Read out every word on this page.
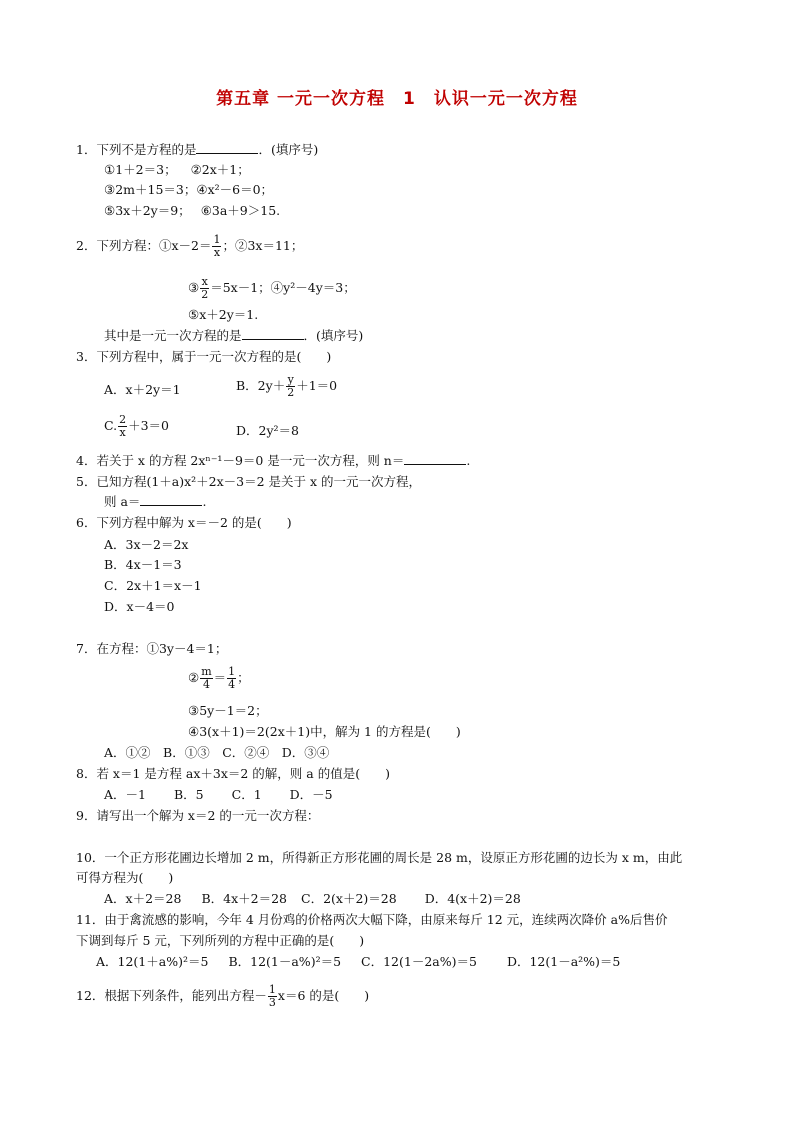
第五章 一元一次方程　1　认识一元一次方程
1．下列不是方程的是	．(填序号)
①1＋2＝3； ②2x＋1；
③2m＋15＝3；④x²－6＝0；
⑤3x＋2y＝9； ⑥3a＋9＞15.
2．下列方程：①x－2＝ $\frac{1}{x}$ ；②3x＝11；
③ $\frac{x}{2} =5x-1$；④y²－4y＝3；
⑤x＋2y＝1.
其中是一元一次方程的是	．(填序号)
3．下列方程中，属于一元一次方程的是(　　)
A．x＋2y＝1	B．$2y+ \frac{y}{2} +1=0$
C. $\frac{2}{x} +3=0$	D．2y²＝8
4．若关于 x 的方程 2xⁿ⁻¹－9＝0 是一元一次方程，则 n＝	.
5．已知方程(1＋a)x²＋2x－3＝2 是关于 x 的一元一次方程，
则 a＝	.
6．下列方程中解为 x＝－2 的是(　　)
A．3x－2＝2x
B．4x－1＝3
C．2x＋1＝x－1
D．x－4＝0
7．在方程：①3y－4＝1；
② $\frac{m}{4} = \frac{1}{4}$ ；
③5y－1＝2；
④3(x＋1)＝2(2x＋1)中，解为 1 的方程是(　　)
A．①②　B．①③　C．②④　D．③④
8．若 x＝1 是方程 ax＋3x＝2 的解，则 a 的值是(　　)
A．－1 B．5 C．1 D．－5
9．请写出一个解为 x＝2 的一元一次方程：
10．一个正方形花圃边长增加 2 m，所得新正方形花圃的周长是 28 m，设原正方形花圃的边长为 x m，由此
可得方程为(　　)
A．x＋2＝28 B．4x＋2＝28 C．2(x＋2)＝28 D．4(x＋2)＝28
11．由于禽流感的影响，今年 4 月份鸡的价格两次大幅下降，由原来每斤 12 元，连续两次降价 a%后售价
下调到每斤 5 元，下列所列的方程中正确的是(　　)
A．12(1＋a%)²＝5 B．12(1－a%)²＝5 C．12(1－2a%)＝5 D．12(1－a²%)＝5
12．根据下列条件，能列出方程－ $\frac{1}{3} x=6$ 的是(　　)
